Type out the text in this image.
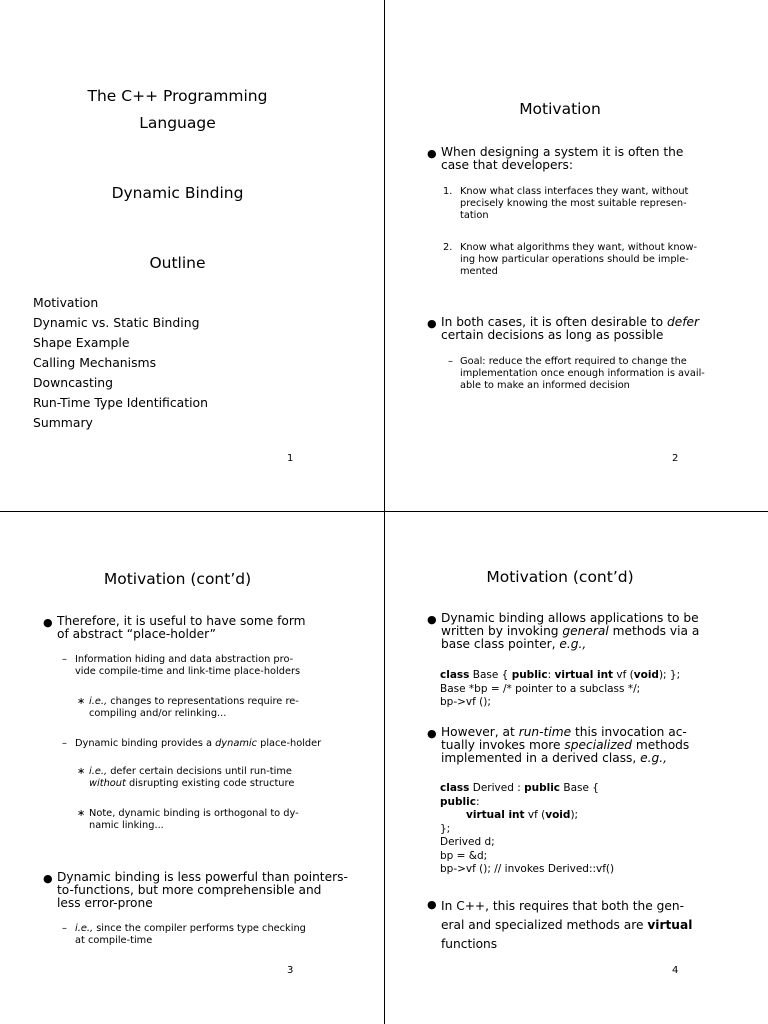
The C++ Programming
Language
Dynamic Binding
Outline
Motivation
Dynamic vs. Static Binding
Shape Example
Calling Mechanisms
Downcasting
Run-Time Type Identification
Summary
1
Motivation
● When designing a system it is often the
case that developers:
1. Know what class interfaces they want, without
precisely knowing the most suitable represen-
tation
2. Know what algorithms they want, without know-
ing how particular operations should be imple-
mented
● In both cases, it is often desirable to defer
certain decisions as long as possible
– Goal: reduce the effort required to change the
implementation once enough information is avail-
able to make an informed decision
2
Motivation (cont’d)
● Therefore, it is useful to have some form
of abstract “place-holder”
– Information hiding and data abstraction pro-
vide compile-time and link-time place-holders
∗ i.e., changes to representations require re-
compiling and/or relinking...
– Dynamic binding provides a dynamic place-holder
∗ i.e., defer certain decisions until run-time
without disrupting existing code structure
∗ Note, dynamic binding is orthogonal to dy-
namic linking...
● Dynamic binding is less powerful than pointers-
to-functions, but more comprehensible and
less error-prone
– i.e., since the compiler performs type checking
at compile-time
3
Motivation (cont’d)
● Dynamic binding allows applications to be
written by invoking general methods via a
base class pointer, e.g.,
class Base { public: virtual int vf (void); };
Base *bp = /* pointer to a subclass */;
bp->vf ();
● However, at run-time this invocation ac-
tually invokes more specialized methods
implemented in a derived class, e.g.,
class Derived : public Base {
public:
virtual int vf (void);
};
Derived d;
bp = &d;
bp->vf (); // invokes Derived::vf()
● In C++, this requires that both the gen-
eral and specialized methods are virtual
functions
4
